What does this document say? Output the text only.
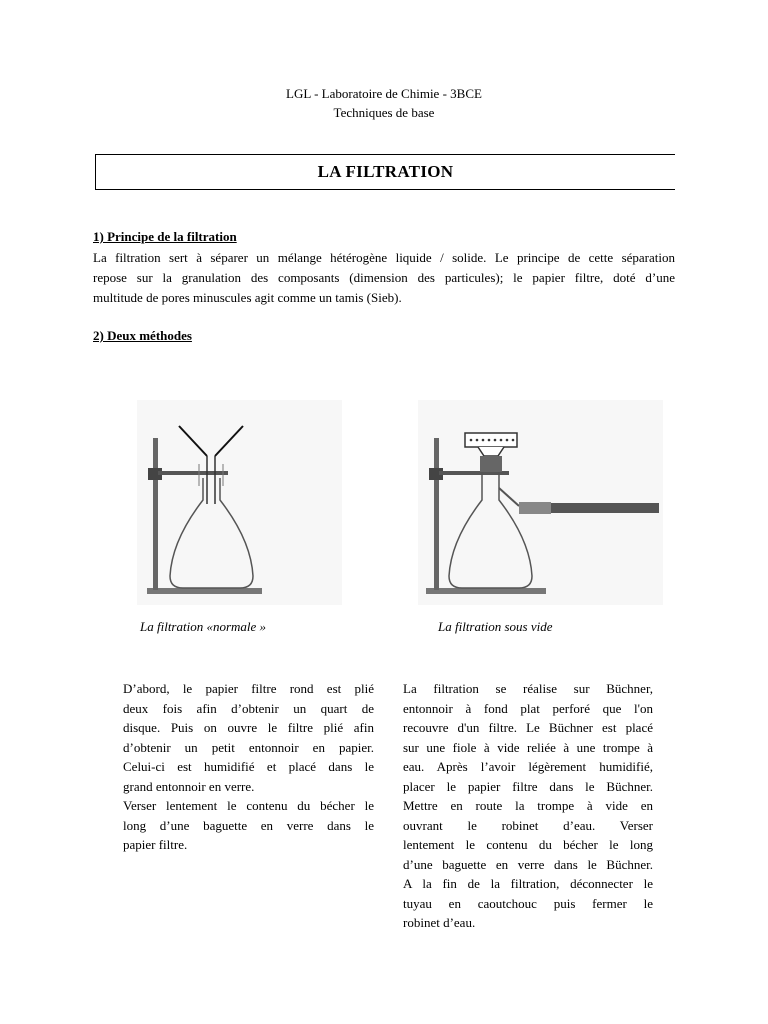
LGL - Laboratoire de Chimie - 3BCE
Techniques de base
LA FILTRATION
1) Principe de la filtration
La filtration sert à séparer un mélange hétérogène liquide / solide. Le principe de cette séparation
repose sur la granulation des composants (dimension des particules); le papier filtre, doté d’une
multitude de pores minuscules agit comme un tamis (Sieb).
2) Deux méthodes
La filtration «normale »	La filtration sous vide
D’abord, le papier filtre rond est plié
deux fois afin d’obtenir un quart de
disque. Puis on ouvre le filtre plié afin
d’obtenir un petit entonnoir en papier.
Celui-ci est humidifié et placé dans le
grand entonnoir en verre.
Verser lentement le contenu du bécher le
long d’une baguette en verre dans le
papier filtre.
La filtration se réalise sur Büchner,
entonnoir à fond plat perforé que l'on
recouvre d'un filtre. Le Büchner est placé
sur une fiole à vide reliée à une trompe à
eau. Après l’avoir légèrement humidifié,
placer le papier filtre dans le Büchner.
Mettre en route la trompe à vide en
ouvrant le robinet d’eau. Verser
lentement le contenu du bécher le long
d’une baguette en verre dans le Büchner.
A la fin de la filtration, déconnecter le
tuyau en caoutchouc puis fermer le
robinet d’eau.
